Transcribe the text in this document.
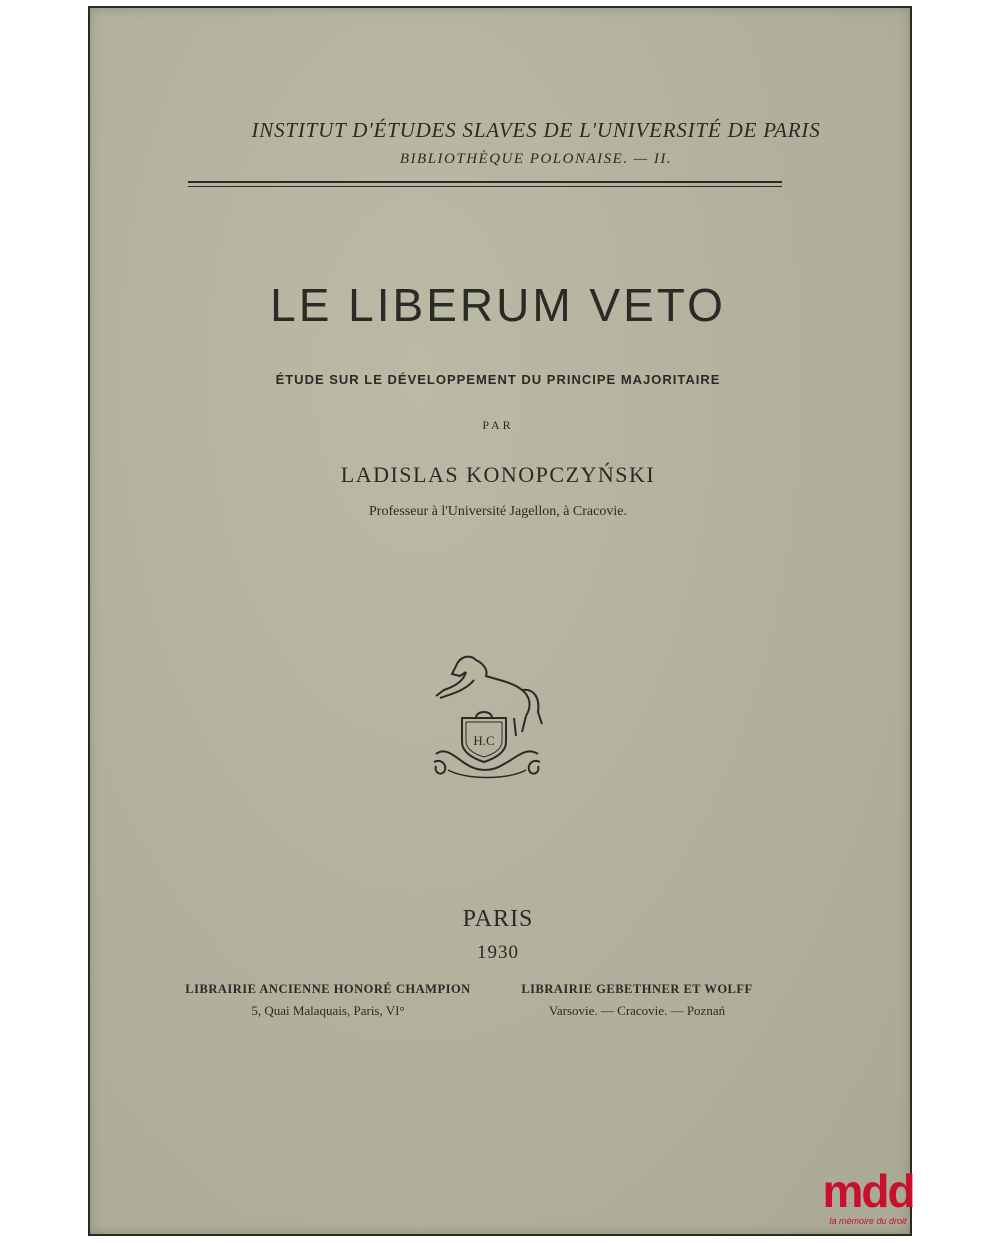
INSTITUT D'ÉTUDES SLAVES DE L'UNIVERSITÉ DE PARIS
BIBLIOTHÈQUE POLONAISE. — II.
LE LIBERUM VETO
ÉTUDE SUR LE DÉVELOPPEMENT DU PRINCIPE MAJORITAIRE
PAR
LADISLAS KONOPCZYŃSKI
Professeur à l'Université Jagellon, à Cracovie.
H.C
PARIS
1930
LIBRAIRIE ANCIENNE HONORÉ CHAMPION
5, Quai Malaquais, Paris, VI°
LIBRAIRIE GEBETHNER ET WOLFF
Varsovie. — Cracovie. — Poznań
mdd
la mémoire du droit
